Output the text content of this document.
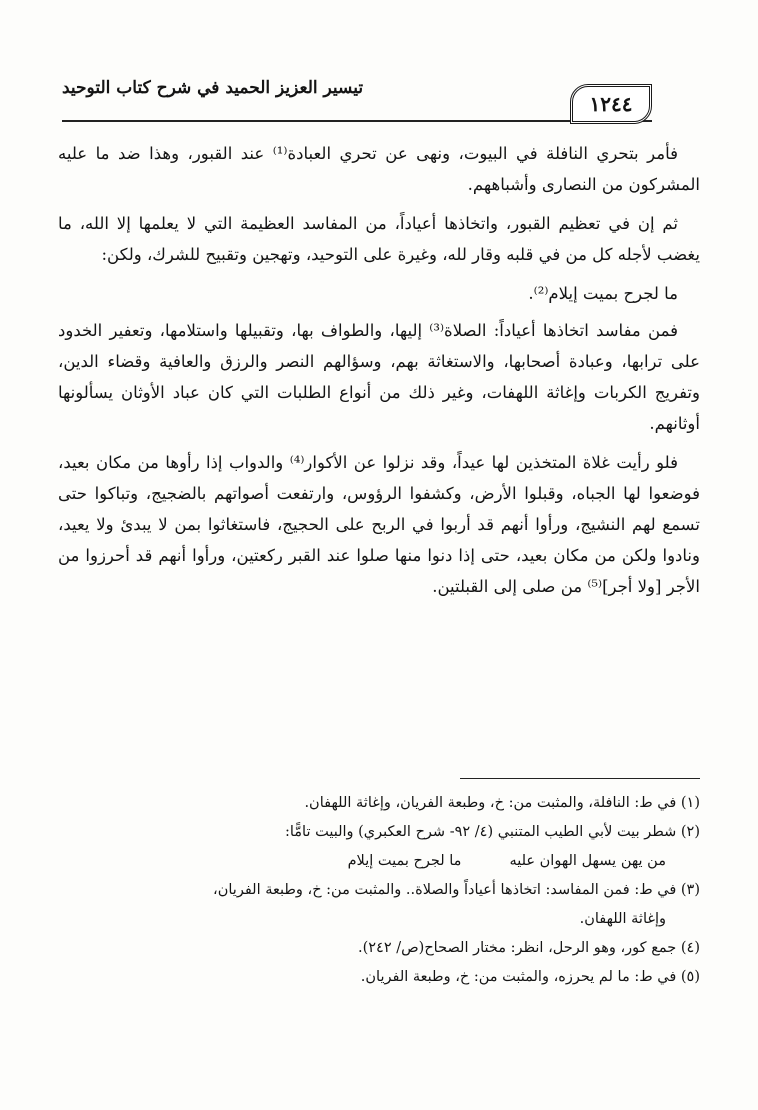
تيسير العزيز الحميد في شرح كتاب التوحيد
١٢٤٤

فأمر بتحري النافلة في البيوت، ونهى عن تحري العبادة⁽¹⁾ عند القبور، وهذا ضد ما عليه المشركون من النصارى وأشباههم.

ثم إن في تعظيم القبور، واتخاذها أعياداً، من المفاسد العظيمة التي لا يعلمها إلا الله، ما يغضب لأجله كل من في قلبه وقار لله، وغيرة على التوحيد، وتهجين وتقبيح للشرك، ولكن:

ما لجرح بميت إيلام⁽²⁾.

فمن مفاسد اتخاذها أعياداً: الصلاة⁽³⁾ إليها، والطواف بها، وتقبيلها واستلامها، وتعفير الخدود على ترابها، وعبادة أصحابها، والاستغاثة بهم، وسؤالهم النصر والرزق والعافية وقضاء الدين، وتفريج الكربات وإغاثة اللهفات، وغير ذلك من أنواع الطلبات التي كان عباد الأوثان يسألونها أوثانهم.

فلو رأيت غلاة المتخذين لها عيداً، وقد نزلوا عن الأكوار⁽⁴⁾ والدواب إذا رأوها من مكان بعيد، فوضعوا لها الجباه، وقبلوا الأرض، وكشفوا الرؤوس، وارتفعت أصواتهم بالضجيج، وتباكوا حتى تسمع لهم النشيج، ورأوا أنهم قد أربوا في الربح على الحجيج، فاستغاثوا بمن لا يبدئ ولا يعيد، ونادوا ولكن من مكان بعيد، حتى إذا دنوا منها صلوا عند القبر ركعتين، ورأوا أنهم قد أحرزوا من الأجر [ولا أجر]⁽⁵⁾ من صلى إلى القبلتين.

(١) في ط: النافلة، والمثبت من: خ، وطبعة الفريان، وإغاثة اللهفان.
(٢) شطر بيت لأبي الطيب المتنبي (٤/ ٩٢- شرح العكبري) والبيت تامًّا:
من يهن يسهل الهوان عليه
ما لجرح بميت إيلام
(٣) في ط: فمن المفاسد: اتخاذها أعياداً والصلاة.. والمثبت من: خ، وطبعة الفريان،
وإغاثة اللهفان.
(٤) جمع كور، وهو الرحل، انظر: مختار الصحاح(ص/ ٢٤٢).
(٥) في ط: ما لم يحرزه، والمثبت من: خ، وطبعة الفريان.
